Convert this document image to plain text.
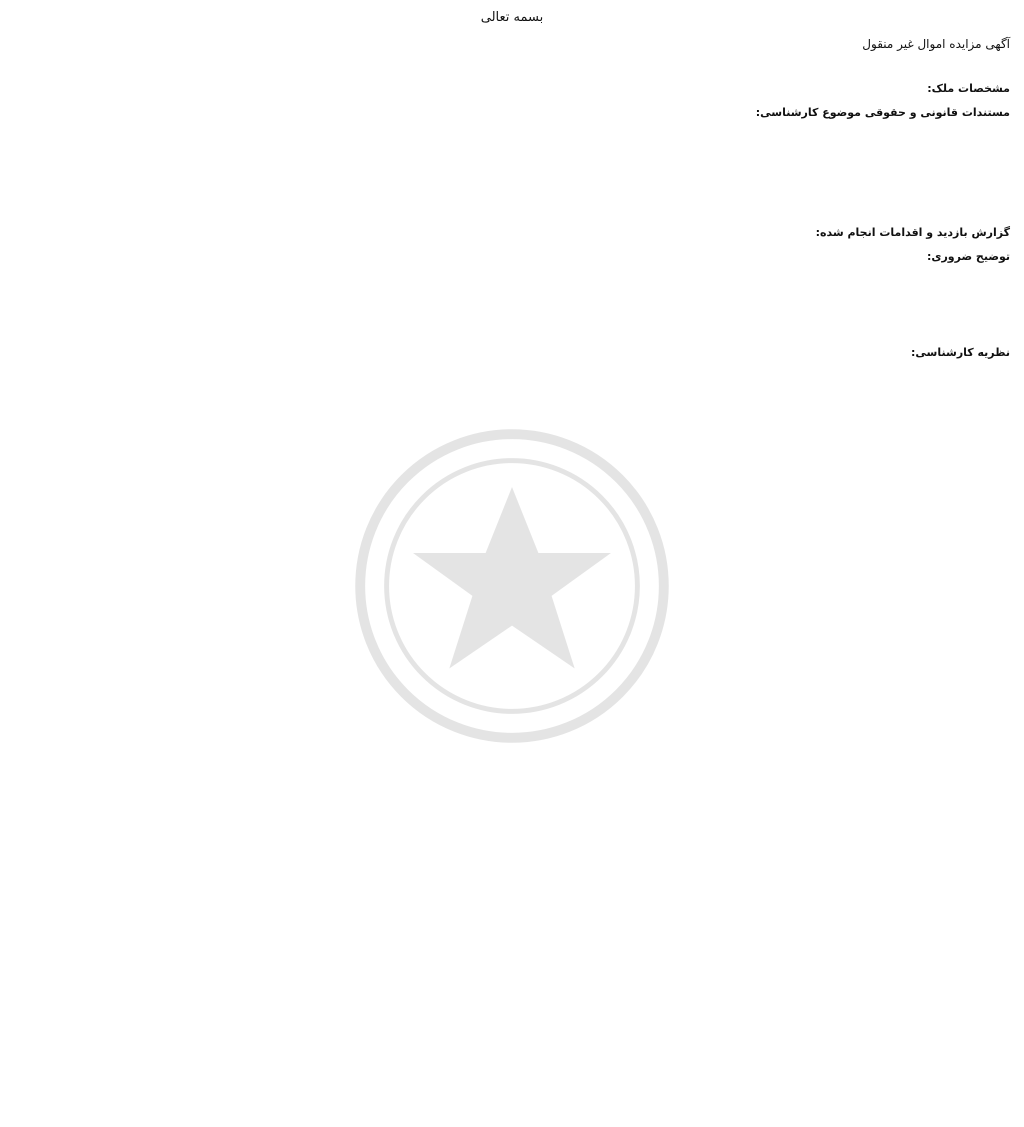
بسمه تعالی
آگهی مزایده اموال غیر منقول

مشخصات ملک:

مستندات قانونی و حقوقی موضوع کارشناسی:

گزارش بازدید و اقدامات انجام شده:

توضیح ضروری:

نظریه کارشناسی:
